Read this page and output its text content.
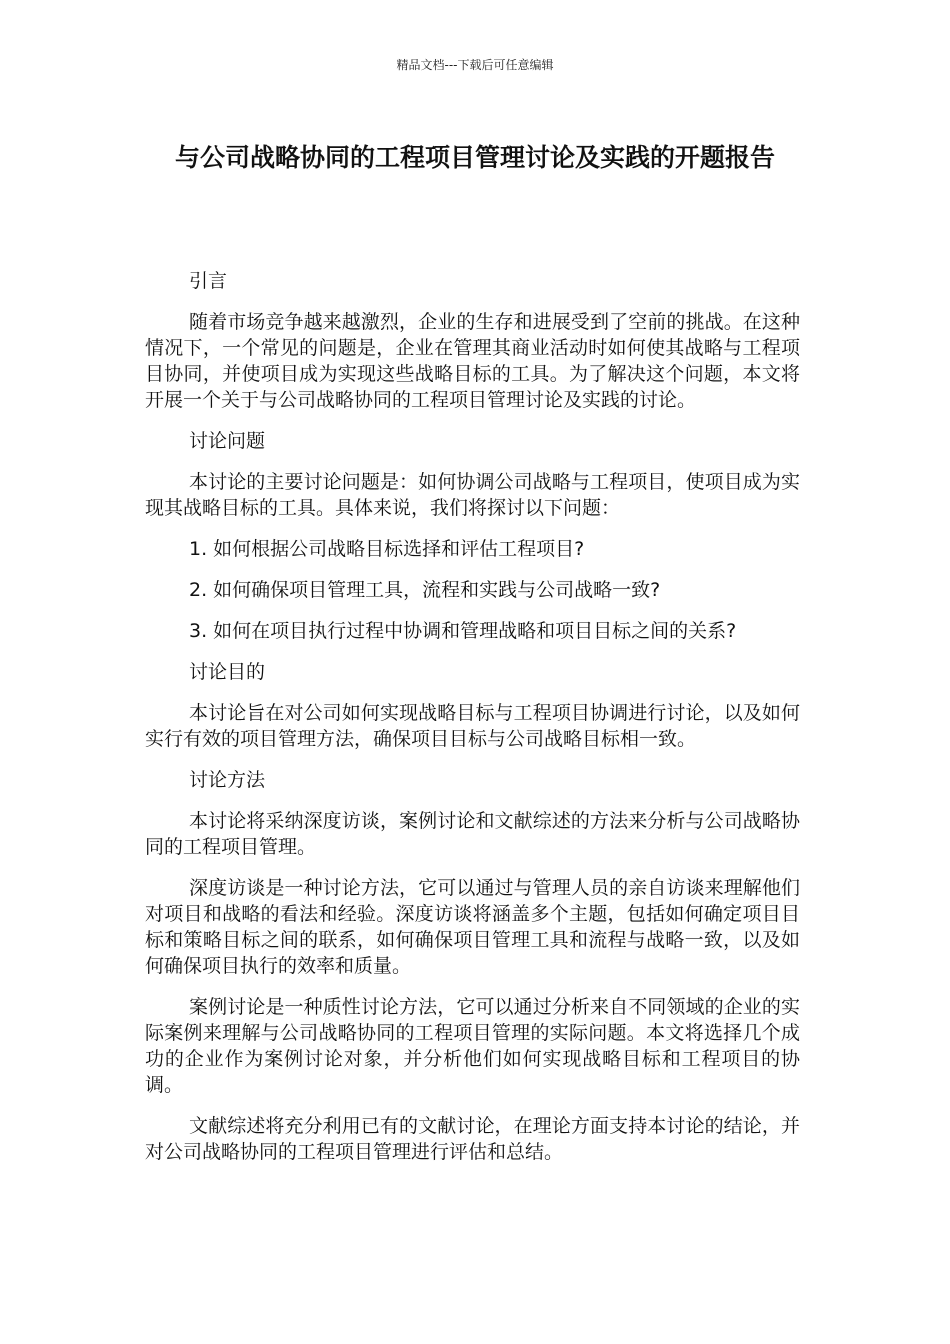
精品文档---下载后可任意编辑
与公司战略协同的工程项目管理讨论及实践的开题报告

引言

随着市场竞争越来越激烈，企业的生存和进展受到了空前的挑战。在这种情况下，一个常见的问题是，企业在管理其商业活动时如何使其战略与工程项目协同，并使项目成为实现这些战略目标的工具。为了解决这个问题，本文将开展一个关于与公司战略协同的工程项目管理讨论及实践的讨论。

讨论问题

本讨论的主要讨论问题是：如何协调公司战略与工程项目，使项目成为实现其战略目标的工具。具体来说，我们将探讨以下问题：

1. 如何根据公司战略目标选择和评估工程项目?

2. 如何确保项目管理工具，流程和实践与公司战略一致?

3. 如何在项目执行过程中协调和管理战略和项目目标之间的关系?

讨论目的

本讨论旨在对公司如何实现战略目标与工程项目协调进行讨论，以及如何实行有效的项目管理方法，确保项目目标与公司战略目标相一致。

讨论方法

本讨论将采纳深度访谈，案例讨论和文献综述的方法来分析与公司战略协同的工程项目管理。

深度访谈是一种讨论方法，它可以通过与管理人员的亲自访谈来理解他们对项目和战略的看法和经验。深度访谈将涵盖多个主题，包括如何确定项目目标和策略目标之间的联系，如何确保项目管理工具和流程与战略一致，以及如何确保项目执行的效率和质量。

案例讨论是一种质性讨论方法，它可以通过分析来自不同领域的企业的实际案例来理解与公司战略协同的工程项目管理的实际问题。本文将选择几个成功的企业作为案例讨论对象，并分析他们如何实现战略目标和工程项目的协调。

文献综述将充分利用已有的文献讨论，在理论方面支持本讨论的结论，并对公司战略协同的工程项目管理进行评估和总结。
